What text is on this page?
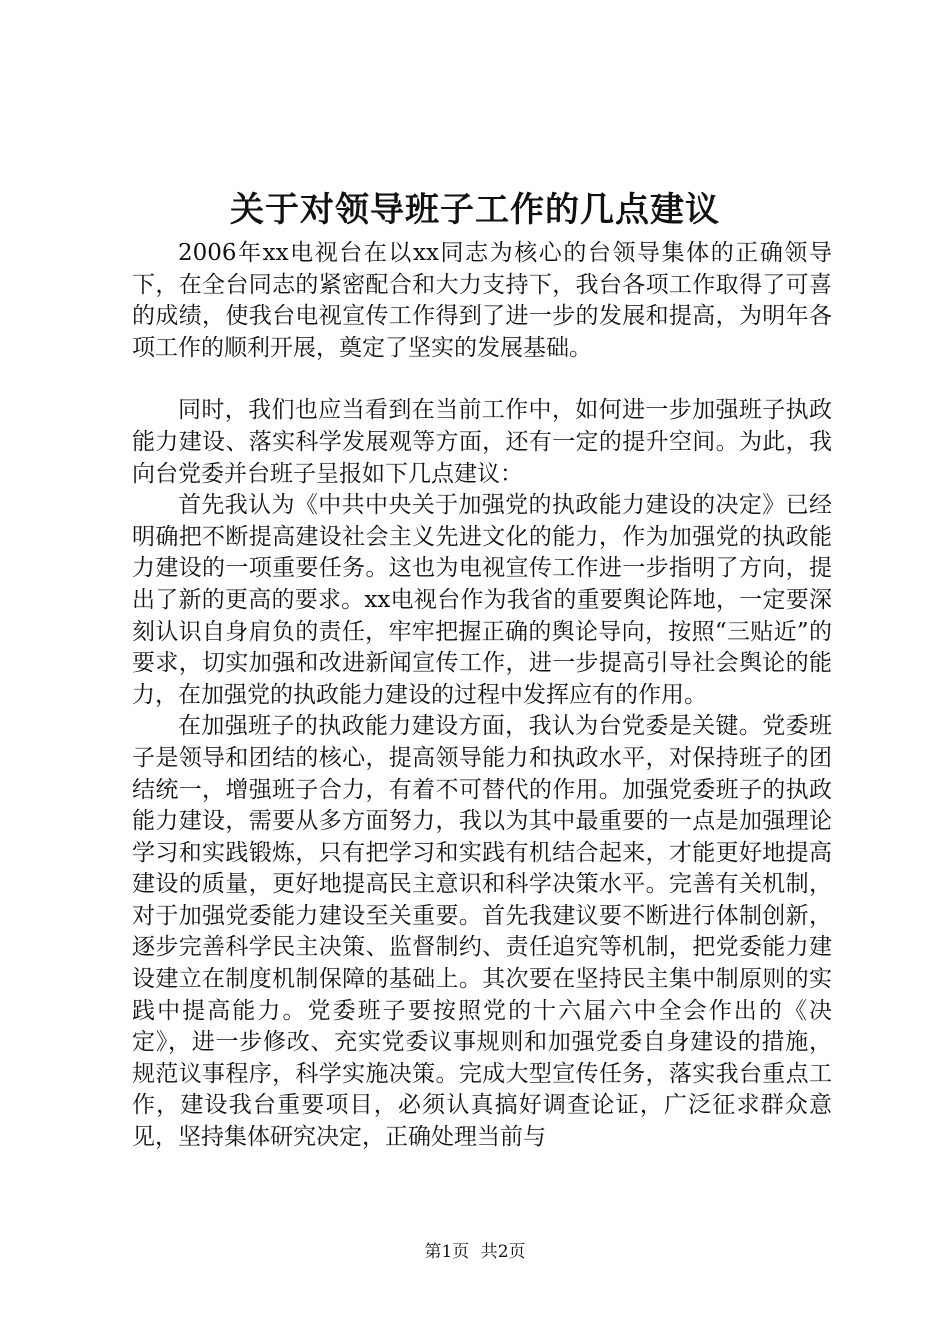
关于对领导班子工作的几点建议

2006年xx电视台在以xx同志为核心的台领导集体的正确领导下，在全台同志的紧密配合和大力支持下，我台各项工作取得了可喜的成绩，使我台电视宣传工作得到了进一步的发展和提高，为明年各项工作的顺利开展，奠定了坚实的发展基础。

同时，我们也应当看到在当前工作中，如何进一步加强班子执政能力建设、落实科学发展观等方面，还有一定的提升空间。为此，我向台党委并台班子呈报如下几点建议：

首先我认为《中共中央关于加强党的执政能力建设的决定》已经明确把不断提高建设社会主义先进文化的能力，作为加强党的执政能力建设的一项重要任务。这也为电视宣传工作进一步指明了方向，提出了新的更高的要求。xx电视台作为我省的重要舆论阵地，一定要深刻认识自身肩负的责任，牢牢把握正确的舆论导向，按照“三贴近”的要求，切实加强和改进新闻宣传工作，进一步提高引导社会舆论的能力，在加强党的执政能力建设的过程中发挥应有的作用。

在加强班子的执政能力建设方面，我认为台党委是关键。党委班子是领导和团结的核心，提高领导能力和执政水平，对保持班子的团结统一，增强班子合力，有着不可替代的作用。加强党委班子的执政能力建设，需要从多方面努力，我以为其中最重要的一点是加强理论学习和实践锻炼，只有把学习和实践有机结合起来，才能更好地提高建设的质量，更好地提高民主意识和科学决策水平。完善有关机制，对于加强党委能力建设至关重要。首先我建议要不断进行体制创新，逐步完善科学民主决策、监督制约、责任追究等机制，把党委能力建设建立在制度机制保障的基础上。其次要在坚持民主集中制原则的实践中提高能力。党委班子要按照党的十六届六中全会作出的《决定》，进一步修改、充实党委议事规则和加强党委自身建设的措施，规范议事程序，科学实施决策。完成大型宣传任务，落实我台重点工作，建设我台重要项目，必须认真搞好调查论证，广泛征求群众意见，坚持集体研究决定，正确处理当前与

第1页 共2页
